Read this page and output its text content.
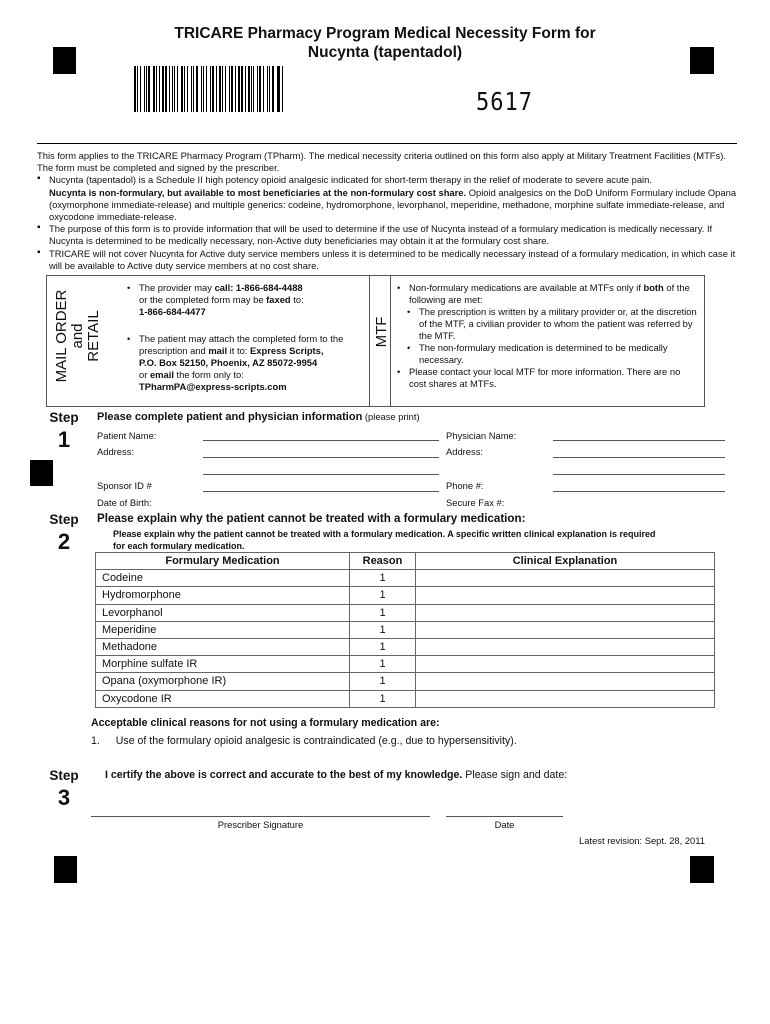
TRICARE Pharmacy Program Medical Necessity Form for
Nucynta (tapentadol)
5617

This form applies to the TRICARE Pharmacy Program (TPharm). The medical necessity criteria outlined on this form also apply at Military Treatment Facilities (MTFs). The form must be completed and signed by the prescriber.

▪ Nucynta (tapentadol) is a Schedule II high potency opioid analgesic indicated for short-term therapy in the relief of moderate to severe acute pain.
Nucynta is non-formulary, but available to most beneficiaries at the non-formulary cost share. Opioid analgesics on the DoD Uniform Formulary include Opana (oxymorphone immediate-release) and multiple generics: codeine, hydromorphone, levorphanol, meperidine, methadone, morphine sulfate immediate-release, and oxycodone immediate-release.
▪ The purpose of this form is to provide information that will be used to determine if the use of Nucynta instead of a formulary medication is medically necessary. If Nucynta is determined to be medically necessary, non-Active duty beneficiaries may obtain it at the formulary cost share.
▪ TRICARE will not cover Nucynta for Active duty service members unless it is determined to be medically necessary instead of a formulary medication, in which case it will be available to Active duty service members at no cost share.
MAIL ORDER and RETAIL
• The provider may call: 1-866-684-4488
or the completed form may be faxed to:
1-866-684-4477
• The patient may attach the completed form to the prescription and mail it to: Express Scripts,
P.O. Box 52150, Phoenix, AZ 85072-9954
or email the form only to:
TPharmPA@express-scripts.com
MTF
• Non-formulary medications are available at MTFs only if both of the following are met:
• The prescription is written by a military provider or, at the discretion of the MTF, a civilian provider to whom the patient was referred by the MTF.
• The non-formulary medication is determined to be medically necessary.
• Please contact your local MTF for more information. There are no cost shares at MTFs.
Step
1
Please complete patient and physician information (please print)
Patient Name:
Address:
Sponsor ID #
Date of Birth:
Physician Name:
Address:
Phone #:
Secure Fax #:
Step
2
Please explain why the patient cannot be treated with a formulary medication:
Please explain why the patient cannot be treated with a formulary medication. A specific written clinical explanation is required
for each formulary medication.
Formulary Medication	Reason	Clinical Explanation
Codeine	1	
Hydromorphone	1	
Levorphanol	1	
Meperidine	1	
Methadone	1	
Morphine sulfate IR	1	
Opana (oxymorphone IR)	1	
Oxycodone IR	1	
Acceptable clinical reasons for not using a formulary medication are:
1. Use of the formulary opioid analgesic is contraindicated (e.g., due to hypersensitivity).
Step
3
I certify the above is correct and accurate to the best of my knowledge. Please sign and date:
Prescriber Signature	Date
Latest revision: Sept. 28, 2011
